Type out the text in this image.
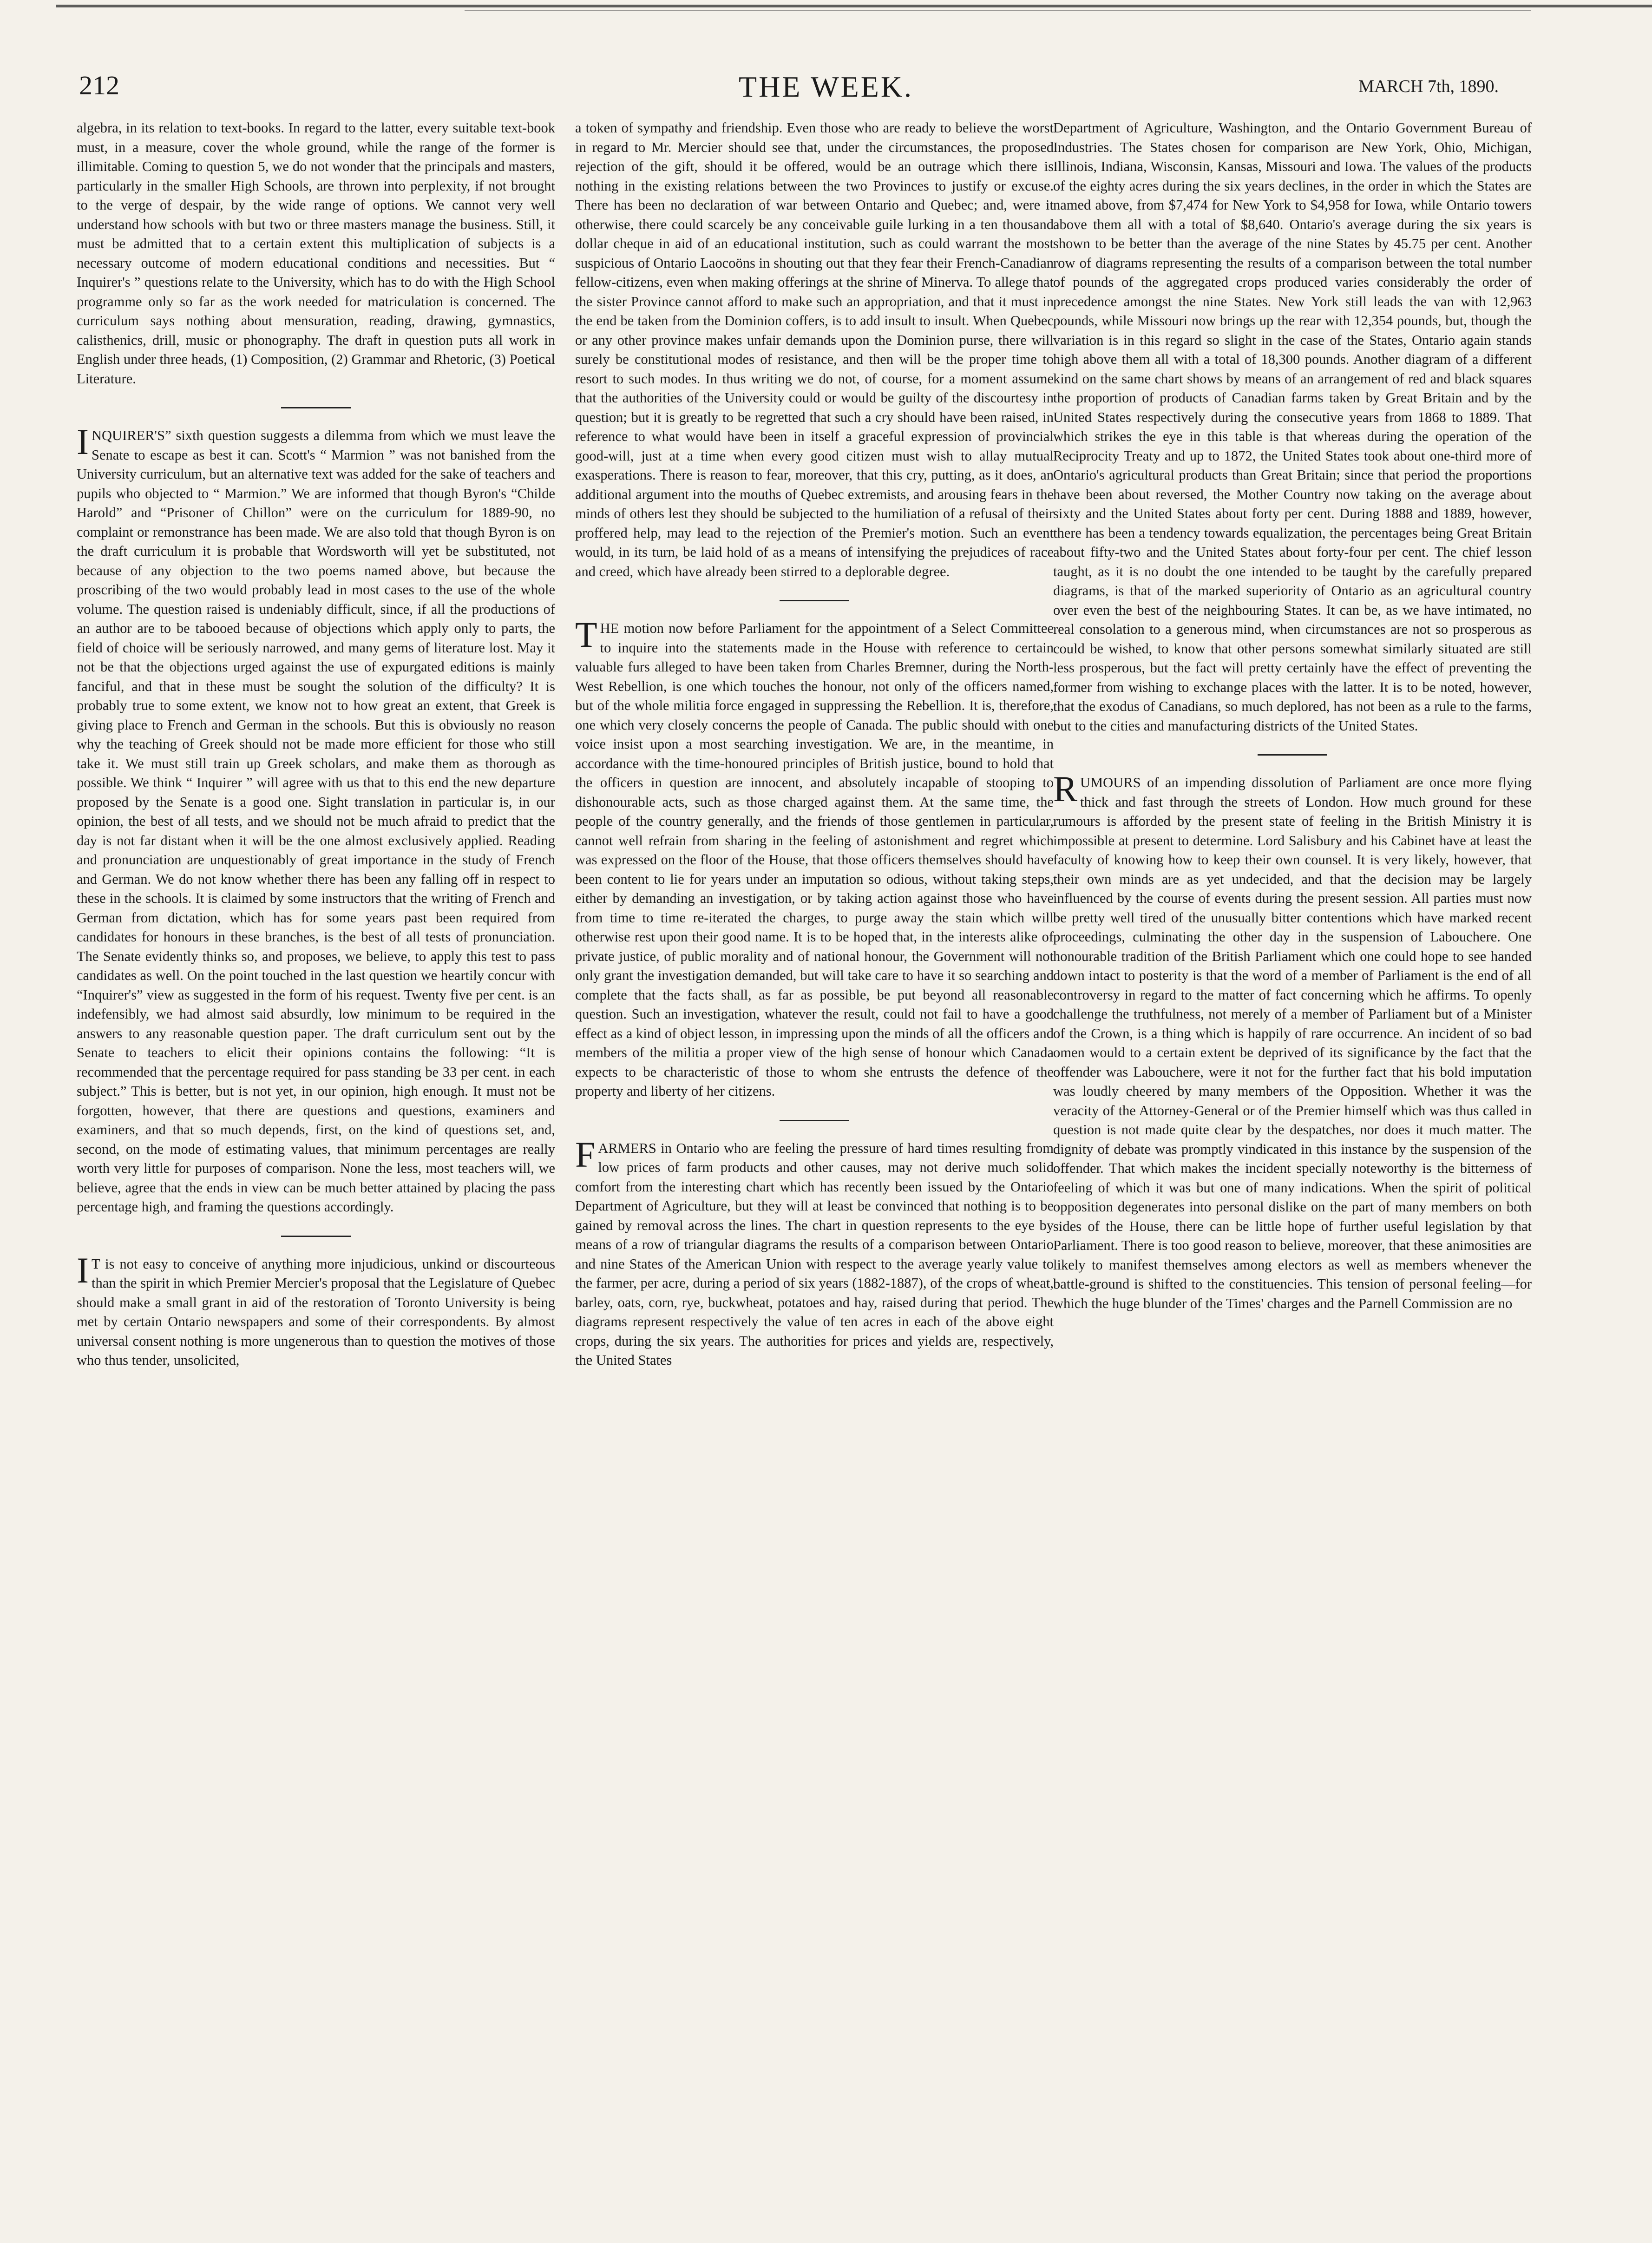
212	THE WEEK.	MARCH 7th, 1890.

algebra, in its relation to text-books. In regard to the latter, every suitable text-book must, in a measure, cover the whole ground, while the range of the former is illimitable. Coming to question 5, we do not wonder that the principals and masters, particularly in the smaller High Schools, are thrown into perplexity, if not brought to the verge of despair, by the wide range of options. We cannot very well understand how schools with but two or three masters manage the business. Still, it must be admitted that to a certain extent this multiplication of subjects is a necessary outcome of modern educational conditions and necessities. But “ Inquirer's ” questions relate to the University, which has to do with the High School programme only so far as the work needed for matriculation is concerned. The curriculum says nothing about mensuration, reading, drawing, gymnastics, calisthenics, drill, music or phonography. The draft in question puts all work in English under three heads, (1) Composition, (2) Grammar and Rhetoric, (3) Poetical Literature.

INQUIRER'S” sixth question suggests a dilemma from which we must leave the Senate to escape as best it can. Scott's “ Marmion ” was not banished from the University curriculum, but an alternative text was added for the sake of teachers and pupils who objected to “ Marmion.” We are informed that though Byron's “Childe Harold” and “Prisoner of Chillon” were on the curriculum for 1889-90, no complaint or remonstrance has been made. We are also told that though Byron is on the draft curriculum it is probable that Wordsworth will yet be substituted, not because of any objection to the two poems named above, but because the proscribing of the two would probably lead in most cases to the use of the whole volume. The question raised is undeniably difficult, since, if all the productions of an author are to be tabooed because of objections which apply only to parts, the field of choice will be seriously narrowed, and many gems of literature lost. May it not be that the objections urged against the use of expurgated editions is mainly fanciful, and that in these must be sought the solution of the difficulty? It is probably true to some extent, we know not to how great an extent, that Greek is giving place to French and German in the schools. But this is obviously no reason why the teaching of Greek should not be made more efficient for those who still take it. We must still train up Greek scholars, and make them as thorough as possible. We think “ Inquirer ” will agree with us that to this end the new departure proposed by the Senate is a good one. Sight translation in particular is, in our opinion, the best of all tests, and we should not be much afraid to predict that the day is not far distant when it will be the one almost exclusively applied. Reading and pronunciation are unquestionably of great importance in the study of French and German. We do not know whether there has been any falling off in respect to these in the schools. It is claimed by some instructors that the writing of French and German from dictation, which has for some years past been required from candidates for honours in these branches, is the best of all tests of pronunciation. The Senate evidently thinks so, and proposes, we believe, to apply this test to pass candidates as well. On the point touched in the last question we heartily concur with “Inquirer's” view as suggested in the form of his request. Twenty five per cent. is an indefensibly, we had almost said absurdly, low minimum to be required in the answers to any reasonable question paper. The draft curriculum sent out by the Senate to teachers to elicit their opinions contains the following: “It is recommended that the percentage required for pass standing be 33 per cent. in each subject.” This is better, but is not yet, in our opinion, high enough. It must not be forgotten, however, that there are questions and questions, examiners and examiners, and that so much depends, first, on the kind of questions set, and, second, on the mode of estimating values, that minimum percentages are really worth very little for purposes of comparison. None the less, most teachers will, we believe, agree that the ends in view can be much better attained by placing the pass percentage high, and framing the questions accordingly.

I T is not easy to conceive of anything more injudicious, unkind or discourteous than the spirit in which Premier Mercier's proposal that the Legislature of Quebec should make a small grant in aid of the restoration of Toronto University is being met by certain Ontario newspapers and some of their correspondents. By almost universal consent nothing is more ungenerous than to question the motives of those who thus tender, unsolicited,

a token of sympathy and friendship. Even those who are ready to believe the worst in regard to Mr. Mercier should see that, under the circumstances, the proposed rejection of the gift, should it be offered, would be an outrage which there is nothing in the existing relations between the two Provinces to justify or excuse. There has been no declaration of war between Ontario and Quebec; and, were it otherwise, there could scarcely be any conceivable guile lurking in a ten thousand dollar cheque in aid of an educational institution, such as could warrant the most suspicious of Ontario Laocoöns in shouting out that they fear their French-Canadian fellow-citizens, even when making offerings at the shrine of Minerva. To allege that the sister Province cannot afford to make such an appropriation, and that it must in the end be taken from the Dominion coffers, is to add insult to insult. When Quebec or any other province makes unfair demands upon the Dominion purse, there will surely be constitutional modes of resistance, and then will be the proper time to resort to such modes. In thus writing we do not, of course, for a moment assume that the authorities of the University could or would be guilty of the discourtesy in question; but it is greatly to be regretted that such a cry should have been raised, in reference to what would have been in itself a graceful expression of provincial good-will, just at a time when every good citizen must wish to allay mutual exasperations. There is reason to fear, moreover, that this cry, putting, as it does, an additional argument into the mouths of Quebec extremists, and arousing fears in the minds of others lest they should be subjected to the humiliation of a refusal of their proffered help, may lead to the rejection of the Premier's motion. Such an event would, in its turn, be laid hold of as a means of intensifying the prejudices of race and creed, which have already been stirred to a deplorable degree.

THE motion now before Parliament for the appointment of a Select Committee to inquire into the statements made in the House with reference to certain valuable furs alleged to have been taken from Charles Bremner, during the North-West Rebellion, is one which touches the honour, not only of the officers named, but of the whole militia force engaged in suppressing the Rebellion. It is, therefore, one which very closely concerns the people of Canada. The public should with one voice insist upon a most searching investigation. We are, in the meantime, in accordance with the time-honoured principles of British justice, bound to hold that the officers in question are innocent, and absolutely incapable of stooping to dishonourable acts, such as those charged against them. At the same time, the people of the country generally, and the friends of those gentlemen in particular, cannot well refrain from sharing in the feeling of astonishment and regret which was expressed on the floor of the House, that those officers themselves should have been content to lie for years under an imputation so odious, without taking steps, either by demanding an investigation, or by taking action against those who have from time to time re-iterated the charges, to purge away the stain which will otherwise rest upon their good name. It is to be hoped that, in the interests alike of private justice, of public morality and of national honour, the Government will not only grant the investigation demanded, but will take care to have it so searching and complete that the facts shall, as far as possible, be put beyond all reasonable question. Such an investigation, whatever the result, could not fail to have a good effect as a kind of object lesson, in impressing upon the minds of all the officers and members of the militia a proper view of the high sense of honour which Canada expects to be characteristic of those to whom she entrusts the defence of the property and liberty of her citizens.

FARMERS in Ontario who are feeling the pressure of hard times resulting from low prices of farm products and other causes, may not derive much solid comfort from the interesting chart which has recently been issued by the Ontario Department of Agriculture, but they will at least be convinced that nothing is to be gained by removal across the lines. The chart in question represents to the eye by means of a row of triangular diagrams the results of a comparison between Ontario and nine States of the American Union with respect to the average yearly value to the farmer, per acre, during a period of six years (1882-1887), of the crops of wheat, barley, oats, corn, rye, buckwheat, potatoes and hay, raised during that period. The diagrams represent respectively the value of ten acres in each of the above eight crops, during the six years. The authorities for prices and yields are, respectively, the United States

Department of Agriculture, Washington, and the Ontario Government Bureau of Industries. The States chosen for comparison are New York, Ohio, Michigan, Illinois, Indiana, Wisconsin, Kansas, Missouri and Iowa. The values of the products of the eighty acres during the six years declines, in the order in which the States are named above, from $7,474 for New York to $4,958 for Iowa, while Ontario towers above them all with a total of $8,640. Ontario's average during the six years is shown to be better than the average of the nine States by 45.75 per cent. Another row of diagrams representing the results of a comparison between the total number of pounds of the aggregated crops produced varies considerably the order of precedence amongst the nine States. New York still leads the van with 12,963 pounds, while Missouri now brings up the rear with 12,354 pounds, but, though the variation is in this regard so slight in the case of the States, Ontario again stands high above them all with a total of 18,300 pounds. Another diagram of a different kind on the same chart shows by means of an arrangement of red and black squares the proportion of products of Canadian farms taken by Great Britain and by the United States respectively during the consecutive years from 1868 to 1889. That which strikes the eye in this table is that whereas during the operation of the Reciprocity Treaty and up to 1872, the United States took about one-third more of Ontario's agricultural products than Great Britain; since that period the proportions have been about reversed, the Mother Country now taking on the average about sixty and the United States about forty per cent. During 1888 and 1889, however, there has been a tendency towards equalization, the percentages being Great Britain about fifty-two and the United States about forty-four per cent. The chief lesson taught, as it is no doubt the one intended to be taught by the carefully prepared diagrams, is that of the marked superiority of Ontario as an agricultural country over even the best of the neighbouring States. It can be, as we have intimated, no real consolation to a generous mind, when circumstances are not so prosperous as could be wished, to know that other persons somewhat similarly situated are still less prosperous, but the fact will pretty certainly have the effect of preventing the former from wishing to exchange places with the latter. It is to be noted, however, that the exodus of Canadians, so much deplored, has not been as a rule to the farms, but to the cities and manufacturing districts of the United States.

RUMOURS of an impending dissolution of Parliament are once more flying thick and fast through the streets of London. How much ground for these rumours is afforded by the present state of feeling in the British Ministry it is impossible at present to determine. Lord Salisbury and his Cabinet have at least the faculty of knowing how to keep their own counsel. It is very likely, however, that their own minds are as yet undecided, and that the decision may be largely influenced by the course of events during the present session. All parties must now be pretty well tired of the unusually bitter contentions which have marked recent proceedings, culminating the other day in the suspension of Labouchere. One honourable tradition of the British Parliament which one could hope to see handed down intact to posterity is that the word of a member of Parliament is the end of all controversy in regard to the matter of fact concerning which he affirms. To openly challenge the truthfulness, not merely of a member of Parliament but of a Minister of the Crown, is a thing which is happily of rare occurrence. An incident of so bad omen would to a certain extent be deprived of its significance by the fact that the offender was Labouchere, were it not for the further fact that his bold imputation was loudly cheered by many members of the Opposition. Whether it was the veracity of the Attorney-General or of the Premier himself which was thus called in question is not made quite clear by the despatches, nor does it much matter. The dignity of debate was promptly vindicated in this instance by the suspension of the offender. That which makes the incident specially noteworthy is the bitterness of feeling of which it was but one of many indications. When the spirit of political opposition degenerates into personal dislike on the part of many members on both sides of the House, there can be little hope of further useful legislation by that Parliament. There is too good reason to believe, moreover, that these animosities are likely to manifest themselves among electors as well as members whenever the battle-ground is shifted to the constituencies. This tension of personal feeling—for which the huge blunder of the Times' charges and the Parnell Commission are no
